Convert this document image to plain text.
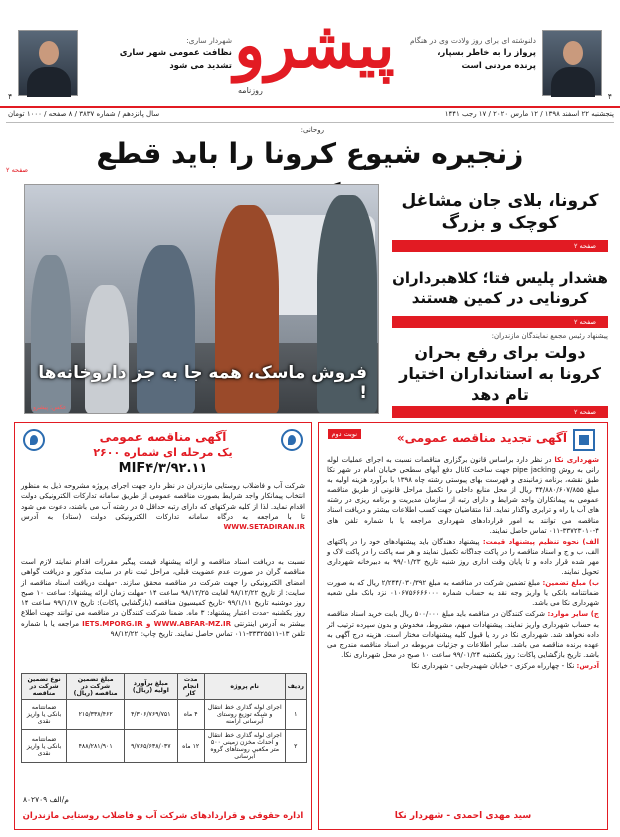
شهردار ساری:
نظافت عمومی شهر ساری
تشدید می شود پیشرو
روزنامه
دلنوشته ای برای روز ولادت وی در هنگام
پرواز را به خاطر بسپار،
پرنده مردنی است
۴	۴
پنجشنبه ۲۲ اسفند ۱۳۹۸ / ۱۲ مارس ۲۰۲۰ / ۱۷ رجب ۱۴۴۱
سال پانزدهم / شماره ۳۸۳۷ / ۸ صفحه / ۱۰۰۰ تومان
روحانی:
زنجیره شیوع کرونا را باید قطع
صفحه ۲
فروش ماسک، همه جا به جز داروخانه‌ها !
عکس: پیشرو
کرونا، بلای جان مشاغل کوچک و بزرگ
صفحه ۲
هشدار پلیس فتا؛ کلاهبرداران کرونایی در کمین هستند
صفحه ۲
پیشنهاد رئیس مجمع نمایندگان مازندران:
دولت برای رفع بحران کرونا به استانداران اختیار تام دهد
صفحه ۲
آگهی مناقصه عمومی
یک مرحله ای شماره ۲۶۰۰
MIF۴/۳/۹۲.۱۱
شرکت آب و فاضلاب روستایی مازندران در نظر دارد جهت اجرای پروژه مشروحه ذیل به منظور انتخاب پیمانکار واجد شرایط بصورت مناقصه عمومی از طریق سامانه تدارکات الکترونیکی دولت اقدام نماید. لذا از کلیه شرکتهای که دارای رتبه حداقل ۵ در رشته آب می باشند، دعوت می شود تا با مراجعه به درگاه سامانه تدارکات الکترونیکی دولت (ستاد) به آدرس WWW.SETADIRAN.IR
نسبت به دریافت اسناد مناقصه و ارائه پیشنهاد قیمت پیگیر مقررات اقدام نمایند لازم است مناقصه گران در صورت عدم عضویت قبلی، مراحل ثبت نام در سایت مذکور و دریافت گواهی امضای الکترونیکی را جهت شرکت در مناقصه محقق سازند. -مهلت دریافت اسناد مناقصه از سایت: از تاریخ ۹۸/۱۲/۲۲ لغایت ۹۸/۱۲/۲۵ ساعت ۱۴ -مهلت زمان ارائه پیشنهاد: ساعت ۱۰ صبح روز دوشنبه تاریخ ۹۹/۱/۱۱ -تاریخ کمیسیون مناقصه (بازگشایی پاکات): تاریخ ۹۹/۱/۱۷ ساعت ۱۴ روز یکشنبه -مدت اعتبار پیشنهاد: ۳ ماه. ضمنا شرکت کنندگان در مناقصه می توانند جهت اطلاع بیشتر به آدرس اینترنتی WWW.ABFAR-MZ.IR و IETS.MPORG.IR مراجعه یا با شماره تلفن ۱۳-۳۳۳۲۵۵۱۱-۰۱۱ تماس حاصل نمایند. تاریخ چاپ: ۹۸/۱۲/۲۲
ردیف	نام پروژه	مدت انجام کار	مبلغ برآورد اولیه (ریال)	مبلغ تضمین شرکت در مناقصه (ریال)	نوع تضمین شرکت در مناقصه
۱	اجرای لوله گذاری خط انتقال و شبکه توزیع روستای آبرسانی آرامنه	۴ ماه	۴/۳۰۶/۷۶۹/۷۵۱	۲۱۵/۳۳۸/۴۶۲	ضمانتنامه بانکی یا واریز نقدی
۲	اجرای لوله گذاری خط انتقال و احداث مخزن زمینی ۵۰۰ متر مکعبی روستاهای گروه آبرسانی	۱۲ ماه	۹/۷۶۵/۶۳۸/۰۳۷	۴۸۸/۲۸۱/۹۰۱	ضمانتنامه بانکی یا واریز نقدی
م/الف ۸۰۲۷۰۹
اداره حقوقی و قراردادهای شرکت آب و فاضلاب روستایی مازندران
آگهی تجدید مناقصه عمومی»
نوبت دوم

شهرداری نکا در نظر دارد براساس قانون برگزاری مناقصات نسبت به اجرای عملیات لوله رانی به روش pipe jacking جهت ساخت کانال دفع آبهای سطحی خیابان امام در شهر نکا طبق نقشه، برنامه زمانبندی و فهرست بهای پیوستی رشته چاه ۱۳۹۸ با برآورد هزینه اولیه به مبلغ ۴۴/۸۸۰/۶۰۷/۸۵۵ ریال از محل منابع داخلی را تکمیل مراحل قانونی از طریق مناقصه عمومی به پیمانکاران واجد شرایط و دارای رتبه از سازمان مدیریت و برنامه ریزی در رشته های آب یا راه و ترابری واگذار نماید. لذا متقاضیان جهت کسب اطلاعات بیشتر و دریافت اسناد مناقصه می توانند به امور قراردادهای شهرداری مراجعه یا با شماره تلفن های ۴-۳۳۷۲۳۰۱۰-۰۱۱ تماس حاصل نمایند.

الف) نحوه تنظیم پیشنهاد قیمت: پیشنهاد دهندگان باید پیشنهادهای خود را در پاکتهای الف، ب و ج و اسناد مناقصه را در پاکت جداگانه تکمیل نمایند و هر سه پاکت را در پاکت لاک و مهر شده قرار داده و تا پایان وقت اداری روز شنبه تاریخ ۹۹/۰۱/۲۳ به دبیرخانه شهرداری تحویل نمایند.

ب) مبلغ تضمین: مبلغ تضمین شرکت در مناقصه به مبلغ ۲/۲۴۴/۰۳۰/۳۹۲ ریال که به صورت ضمانتنامه بانکی یا واریز وجه نقد به حساب شماره ۰۱۰۶۷۵۶۶۶۶۰۰۰ نزد بانک ملی شعبه شهرداری نکا می باشد.

ج) سایر موارد: شرکت کنندگان در مناقصه باید مبلغ ۵۰۰/۰۰۰ ریال بابت خرید اسناد مناقصه به حساب شهرداری واریز نمایند. پیشنهادات مبهم، مشروط، مخدوش و بدون سپرده ترتیب اثر داده نخواهد شد. شهرداری نکا در رد یا قبول کلیه پیشنهادات مختار است. هزینه درج آگهی به عهده برنده مناقصه می باشد. سایر اطلاعات و جزئیات مربوطه در اسناد مناقصه مندرج می باشد. تاریخ بازگشایی پاکات: روز یکشنبه ۹۹/۰۱/۲۴ ساعت ۱۰ صبح در محل شهرداری نکا.

آدرس: نکا - چهارراه مرکزی - خیابان شهیدرجایی - شهرداری نکا

سید مهدی احمدی - شهردار نکا
